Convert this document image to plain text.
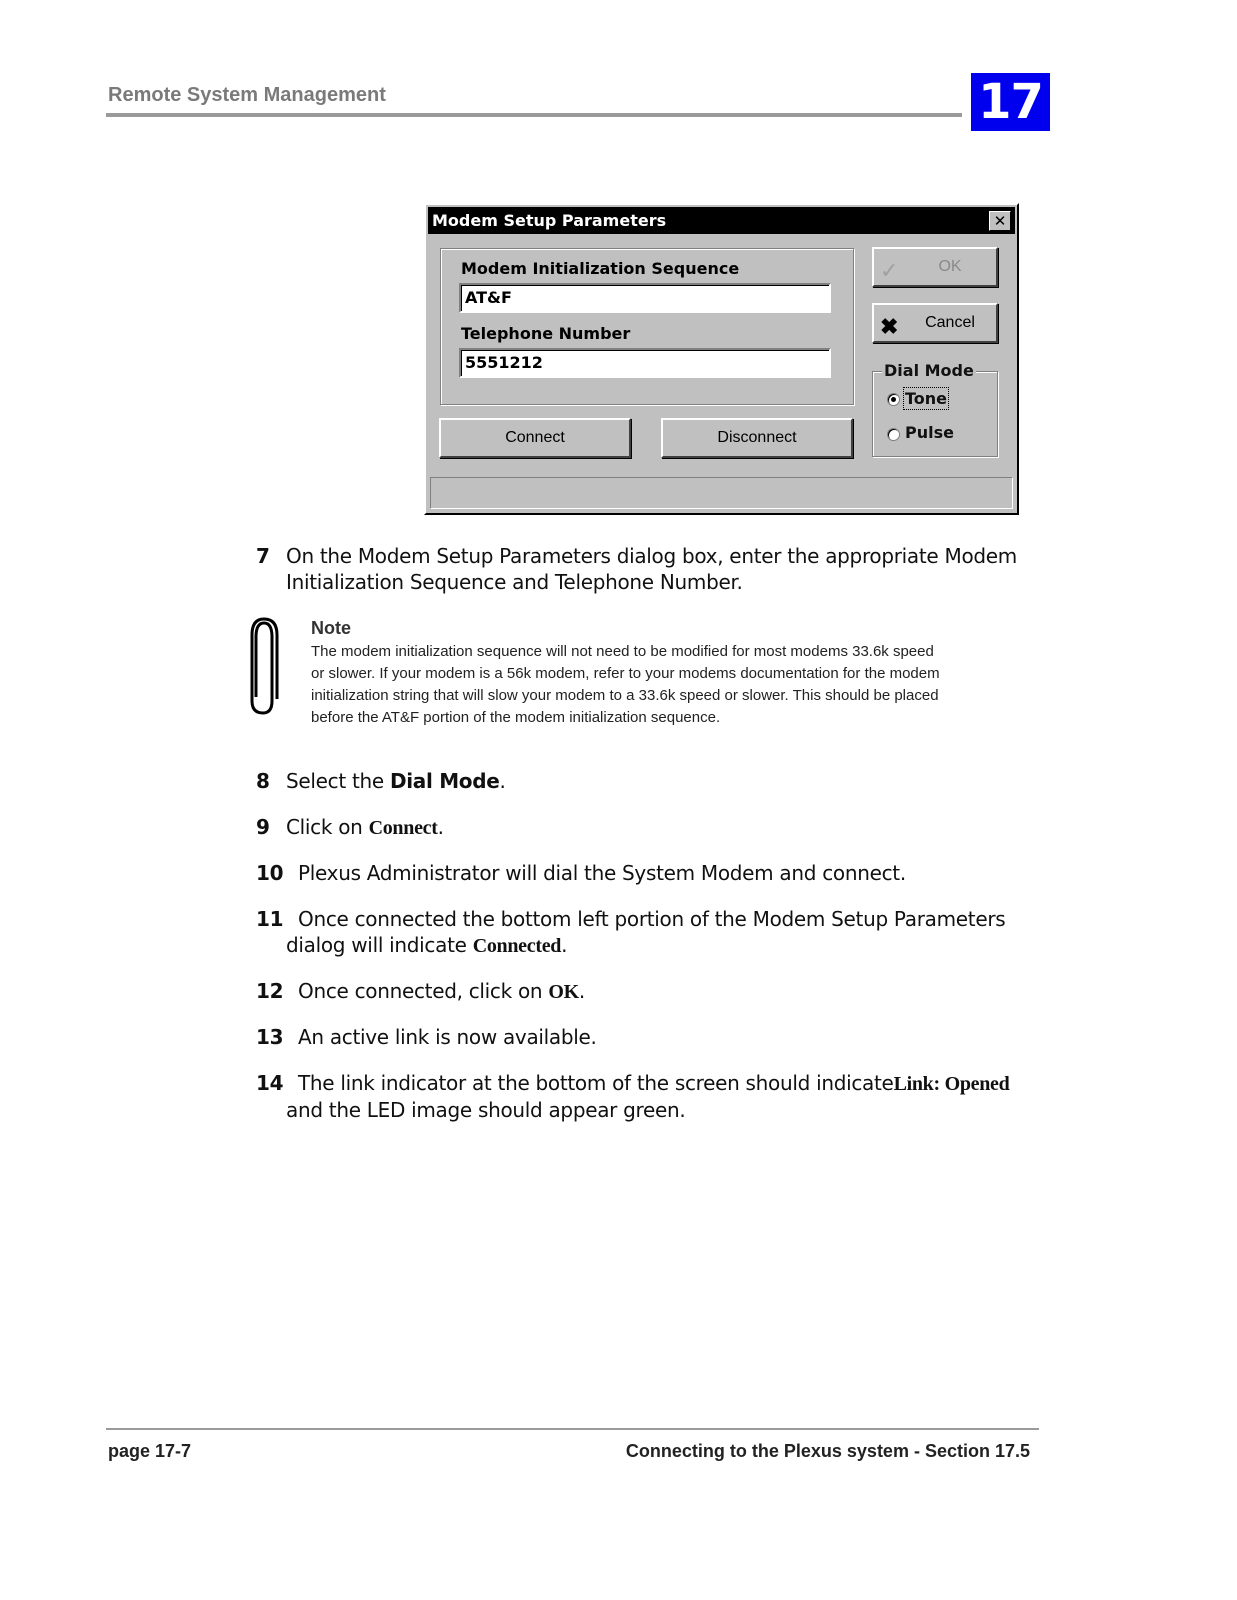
Remote System Management	17
Modem Setup Parameters	✕
Modem Initialization Sequence
AT&F
Telephone Number
5551212
✓	OK
✖ Cancel
Connect	Disconnect
Dial Mode
Tone
Pulse
7 On the Modem Setup Parameters dialog box, enter the appropriate Modem
Initialization Sequence and Telephone Number.
Note
The modem initialization sequence will not need to be modified for most modems 33.6k speed or slower. If your modem is a 56k modem, refer to your modems documentation for the modem initialization string that will slow your modem to a 33.6k speed or slower. This should be placed before the AT&F portion of the modem initialization sequence.
8 Select the Dial Mode.
9 Click on Connect.
10 Plexus Administrator will dial the System Modem and connect.
11 Once connected the bottom left portion of the Modem Setup Parameters
dialog will indicate Connected.
12 Once connected, click on OK.
13 An active link is now available.
14 The link indicator at the bottom of the screen should indicateLink: Opened
and the LED image should appear green.
page 17-7	Connecting to the Plexus system - Section 17.5
